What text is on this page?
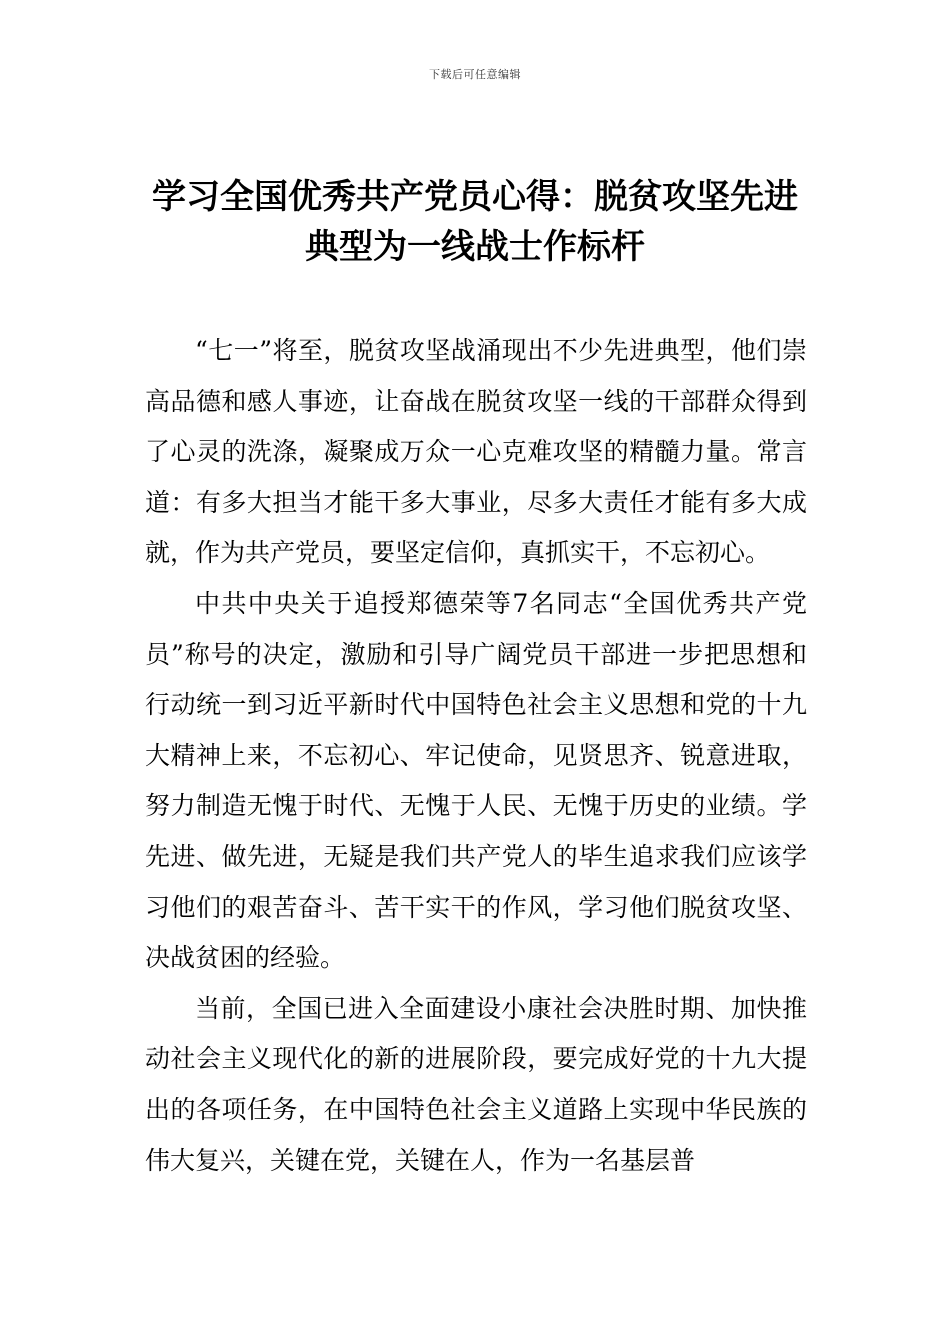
下载后可任意编辑
学习全国优秀共产党员心得：脱贫攻坚先进典型为一线战士作标杆

“七一”将至，脱贫攻坚战涌现出不少先进典型，他们崇高品德和感人事迹，让奋战在脱贫攻坚一线的干部群众得到了心灵的洗涤，凝聚成万众一心克难攻坚的精髓力量。常言道：有多大担当才能干多大事业，尽多大责任才能有多大成就，作为共产党员，要坚定信仰，真抓实干，不忘初心。

中共中央关于追授郑德荣等7名同志“全国优秀共产党员”称号的决定，激励和引导广阔党员干部进一步把思想和行动统一到习近平新时代中国特色社会主义思想和党的十九大精神上来，不忘初心、牢记使命，见贤思齐、锐意进取，努力制造无愧于时代、无愧于人民、无愧于历史的业绩。学先进、做先进，无疑是我们共产党人的毕生追求我们应该学习他们的艰苦奋斗、苦干实干的作风，学习他们脱贫攻坚、决战贫困的经验。

当前，全国已进入全面建设小康社会决胜时期、加快推动社会主义现代化的新的进展阶段，要完成好党的十九大提出的各项任务，在中国特色社会主义道路上实现中华民族的伟大复兴，关键在党，关键在人，作为一名基层普
